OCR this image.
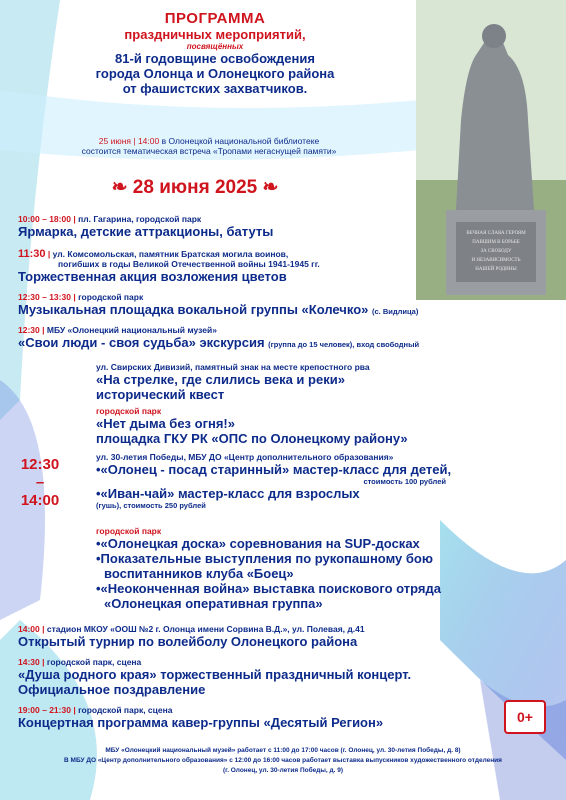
ВЕЧНАЯ СЛАВА ГЕРОЯМ
ПАВШИМ В БОРЬБЕ
ЗА СВОБОДУ
И НЕЗАВИСИМОСТЬ
НАШЕЙ РОДИНЫ
ПРОГРАММА
праздничных мероприятий,
посвящённых
81-й годовщине освобождения
города Олонца и Олонецкого района
от фашистских захватчиков.
25 июня | 14:00 в Олонецкой национальной библиотеке
состоится тематическая встреча «Тропами негаснущей памяти»
❧ 28 июня 2025 ❧
10:00 – 18:00 | пл. Гагарина, городской парк
Ярмарка, детские аттракционы, батуты
11:30 | ул. Комсомольская, памятник Братская могила воинов,
погибших в годы Великой Отечественной войны 1941-1945 гг.
Торжественная акция возложения цветов
12:30 – 13:30 | городской парк
Музыкальная площадка вокальной группы «Колечко» (с. Видлица)
12:30 | МБУ «Олонецкий национальный музей»
«Свои люди - своя судьба» экскурсия (группа до 15 человек), вход свободный
12:30
–
14:00
ул. Свирских Дивизий, памятный знак на месте крепостного рва
«На стрелке, где слились века и реки»
исторический квест
городской парк
«Нет дыма без огня!»
площадка ГКУ РК «ОПС по Олонецкому району»
ул. 30-летия Победы, МБУ ДО «Центр дополнительного образования»
•«Олонец - посад старинный» мастер-класс для детей,
стоимость 100 рублей
•«Иван-чай» мастер-класс для взрослых
(гушь), стоимость 250 рублей
городской парк
•«Олонецкая доска» соревнования на SUP-досках
•Показательные выступления по рукопашному бою
воспитанников клуба «Боец»
•«Неоконченная война» выставка поискового отряда
«Олонецкая оперативная группа»
14:00 | стадион МКОУ «ООШ №2 г. Олонца имени Сорвина В.Д.», ул. Полевая, д.41
Открытый турнир по волейболу Олонецкого района
14:30 | городской парк, сцена
«Душа родного края» торжественный праздничный концерт.
Официальное поздравление
19:00 – 21:30 | городской парк, сцена
Концертная программа кавер-группы «Десятый Регион»	0+
МБУ «Олонецкий национальный музей» работает с 11:00 до 17:00 часов (г. Олонец, ул. 30-летия Победы, д. 8)
В МБУ ДО «Центр дополнительного образования» с 12:00 до 16:00 часов работает выставка выпускников художественного отделения
(г. Олонец, ул. 30-летия Победы, д. 9)
